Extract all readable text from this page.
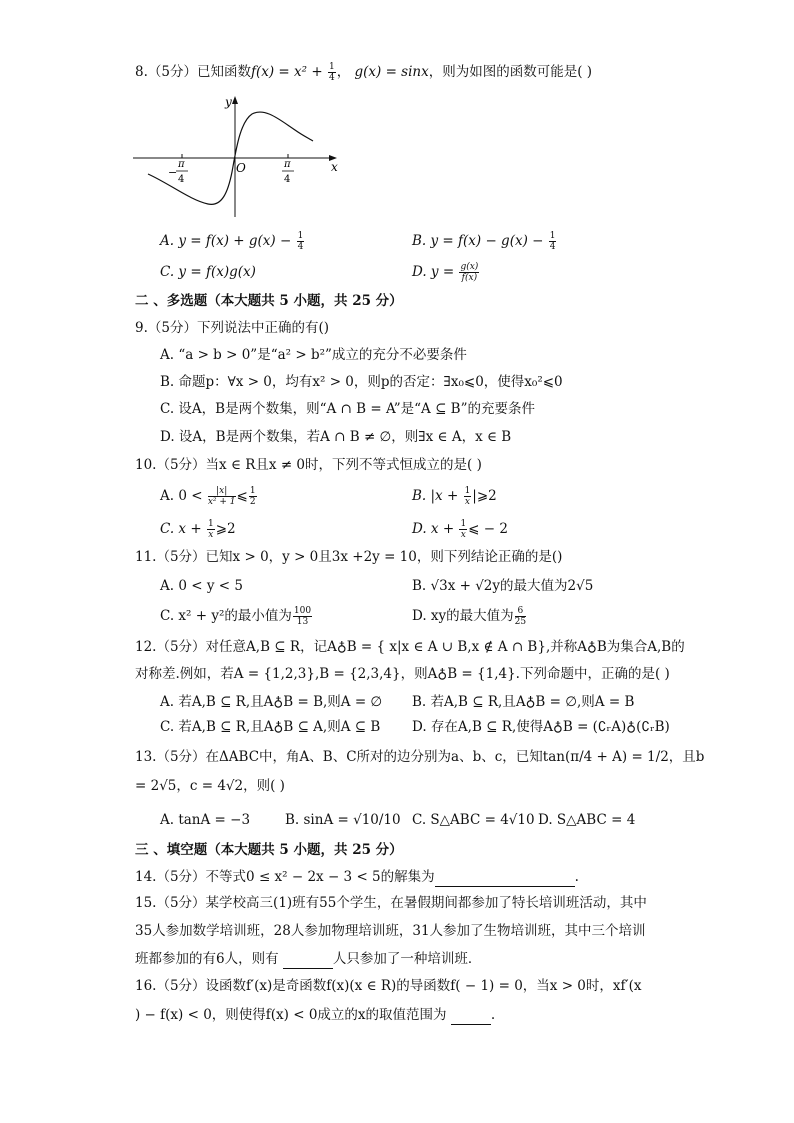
8.（5分）已知函数$f(x) = x^2 + \frac{1}{4}$ ， g(x) = sinx，则为如图的函数可能是( )
y
x
O
−
π
4
π
4
A. $y = f(x) + g(x) - \frac{1}{4}$	B. $y = f(x) - g(x) - \frac{1}{4}$
C. y = f(x)g(x)	D. $y = \frac{g(x)}{f(x)}$
二 、多选题（本大题共 5 小题，共 25 分）
9.（5分）下列说法中正确的有()
A. “a > b > 0”是“a² > b²”成立的充分不必要条件
B. 命题p：∀x > 0，均有x² > 0，则p的否定：∃x₀⩽0，使得x₀²⩽0
C. 设A，B是两个数集，则“A ∩ B = A”是“A ⊆ B”的充要条件
D. 设A，B是两个数集，若A ∩ B ≠ ∅，则∃x ∈ A，x ∈ B
10.（5分）当x ∈ R且x ≠ 0时，下列不等式恒成立的是( )
A. $0 < \frac{|x|}{\text{x² + 1}}$ ⩽ $\frac{1}{2}$	B. $|x + \frac{1}{x}$ |⩾2
C. $x + \frac{1}{x}$ ⩾2	D. $x + \frac{1}{x}$ ⩽ − 2
11.（5分）已知x > 0，y > 0且3x +2y = 10，则下列结论正确的是()
A. 0 < y < 5	B. √3x + √2y的最大值为2√5
C. x² + y²的最小值为 $\frac{100}{13}$	D. xy的最大值为 $\frac{6}{25}$
12.（5分）对任意A,B ⊆ R，记A♁B = { x|x ∈ A ∪ B,x ∉ A ∩ B},并称A♁B为集合A,B的
对称差.例如，若A = {1,2,3},B = {2,3,4}，则A♁B = {1,4}.下列命题中，正确的是( )
A. 若A,B ⊆ R,且A♁B = B,则A = ∅ B. 若A,B ⊆ R,且A♁B = ∅,则A = B
C. 若A,B ⊆ R,且A♁B ⊆ A,则A ⊆ B D. 存在A,B ⊆ R,使得A♁B = (∁ᵣA)♁(∁ᵣB)
13.（5分）在ΔABC中，角A、B、C所对的边分别为a、b、c，已知tan(π/4 + A) = 1/2，且b
= 2√5，c = 4√2，则( )
A. tanA = −3	B. sinA = √10/10 C. S△ABC = 4√10 D. S△ABC = 4
三 、填空题（本大题共 5 小题，共 25 分）
14.（5分）不等式0 ≤ x² − 2x − 3 < 5的解集为	.
15.（5分）某学校高三(1)班有55个学生，在暑假期间都参加了特长培训班活动，其中
35人参加数学培训班，28人参加物理培训班，31人参加了生物培训班，其中三个培训
班都参加的有6人，则有	人只参加了一种培训班．
16.（5分）设函数f′(x)是奇函数f(x)(x ∈ R)的导函数f( − 1) = 0，当x > 0时，xf′(x
) − f(x) < 0，则使得f(x) < 0成立的x的取值范围为	.
